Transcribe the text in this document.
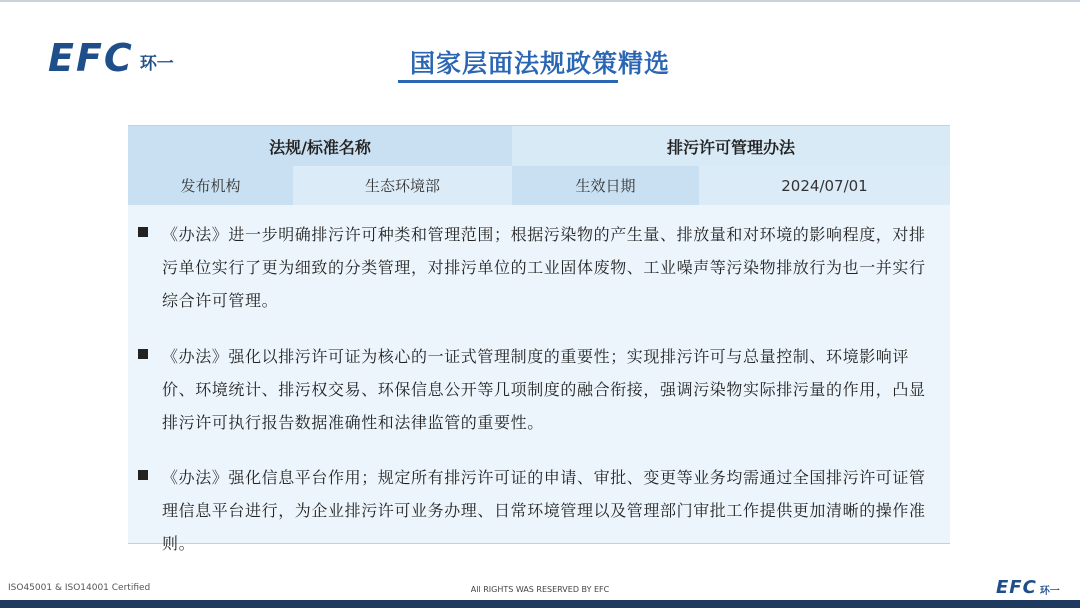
EFC 环一	国家层面法规政策精选
法规/标准名称	排污许可管理办法
发布机构	生态环境部	生效日期	2024/07/01
《办法》进一步明确排污许可种类和管理范围；根据污染物的产生量、排放量和对环境的影响程度，对排污单位实行了更为细致的分类管理，对排污单位的工业固体废物、工业噪声等污染物排放行为也一并实行综合许可管理。
《办法》强化以排污许可证为核心的一证式管理制度的重要性；实现排污许可与总量控制、环境影响评价、环境统计、排污权交易、环保信息公开等几项制度的融合衔接，强调污染物实际排污量的作用，凸显排污许可执行报告数据准确性和法律监管的重要性。
《办法》强化信息平台作用；规定所有排污许可证的申请、审批、变更等业务均需通过全国排污许可证管理信息平台进行，为企业排污许可业务办理、日常环境管理以及管理部门审批工作提供更加清晰的操作准则。
ISO45001 & ISO14001 Certified	All RIGHTS WAS RESERVED BY EFC	EFC 环一
